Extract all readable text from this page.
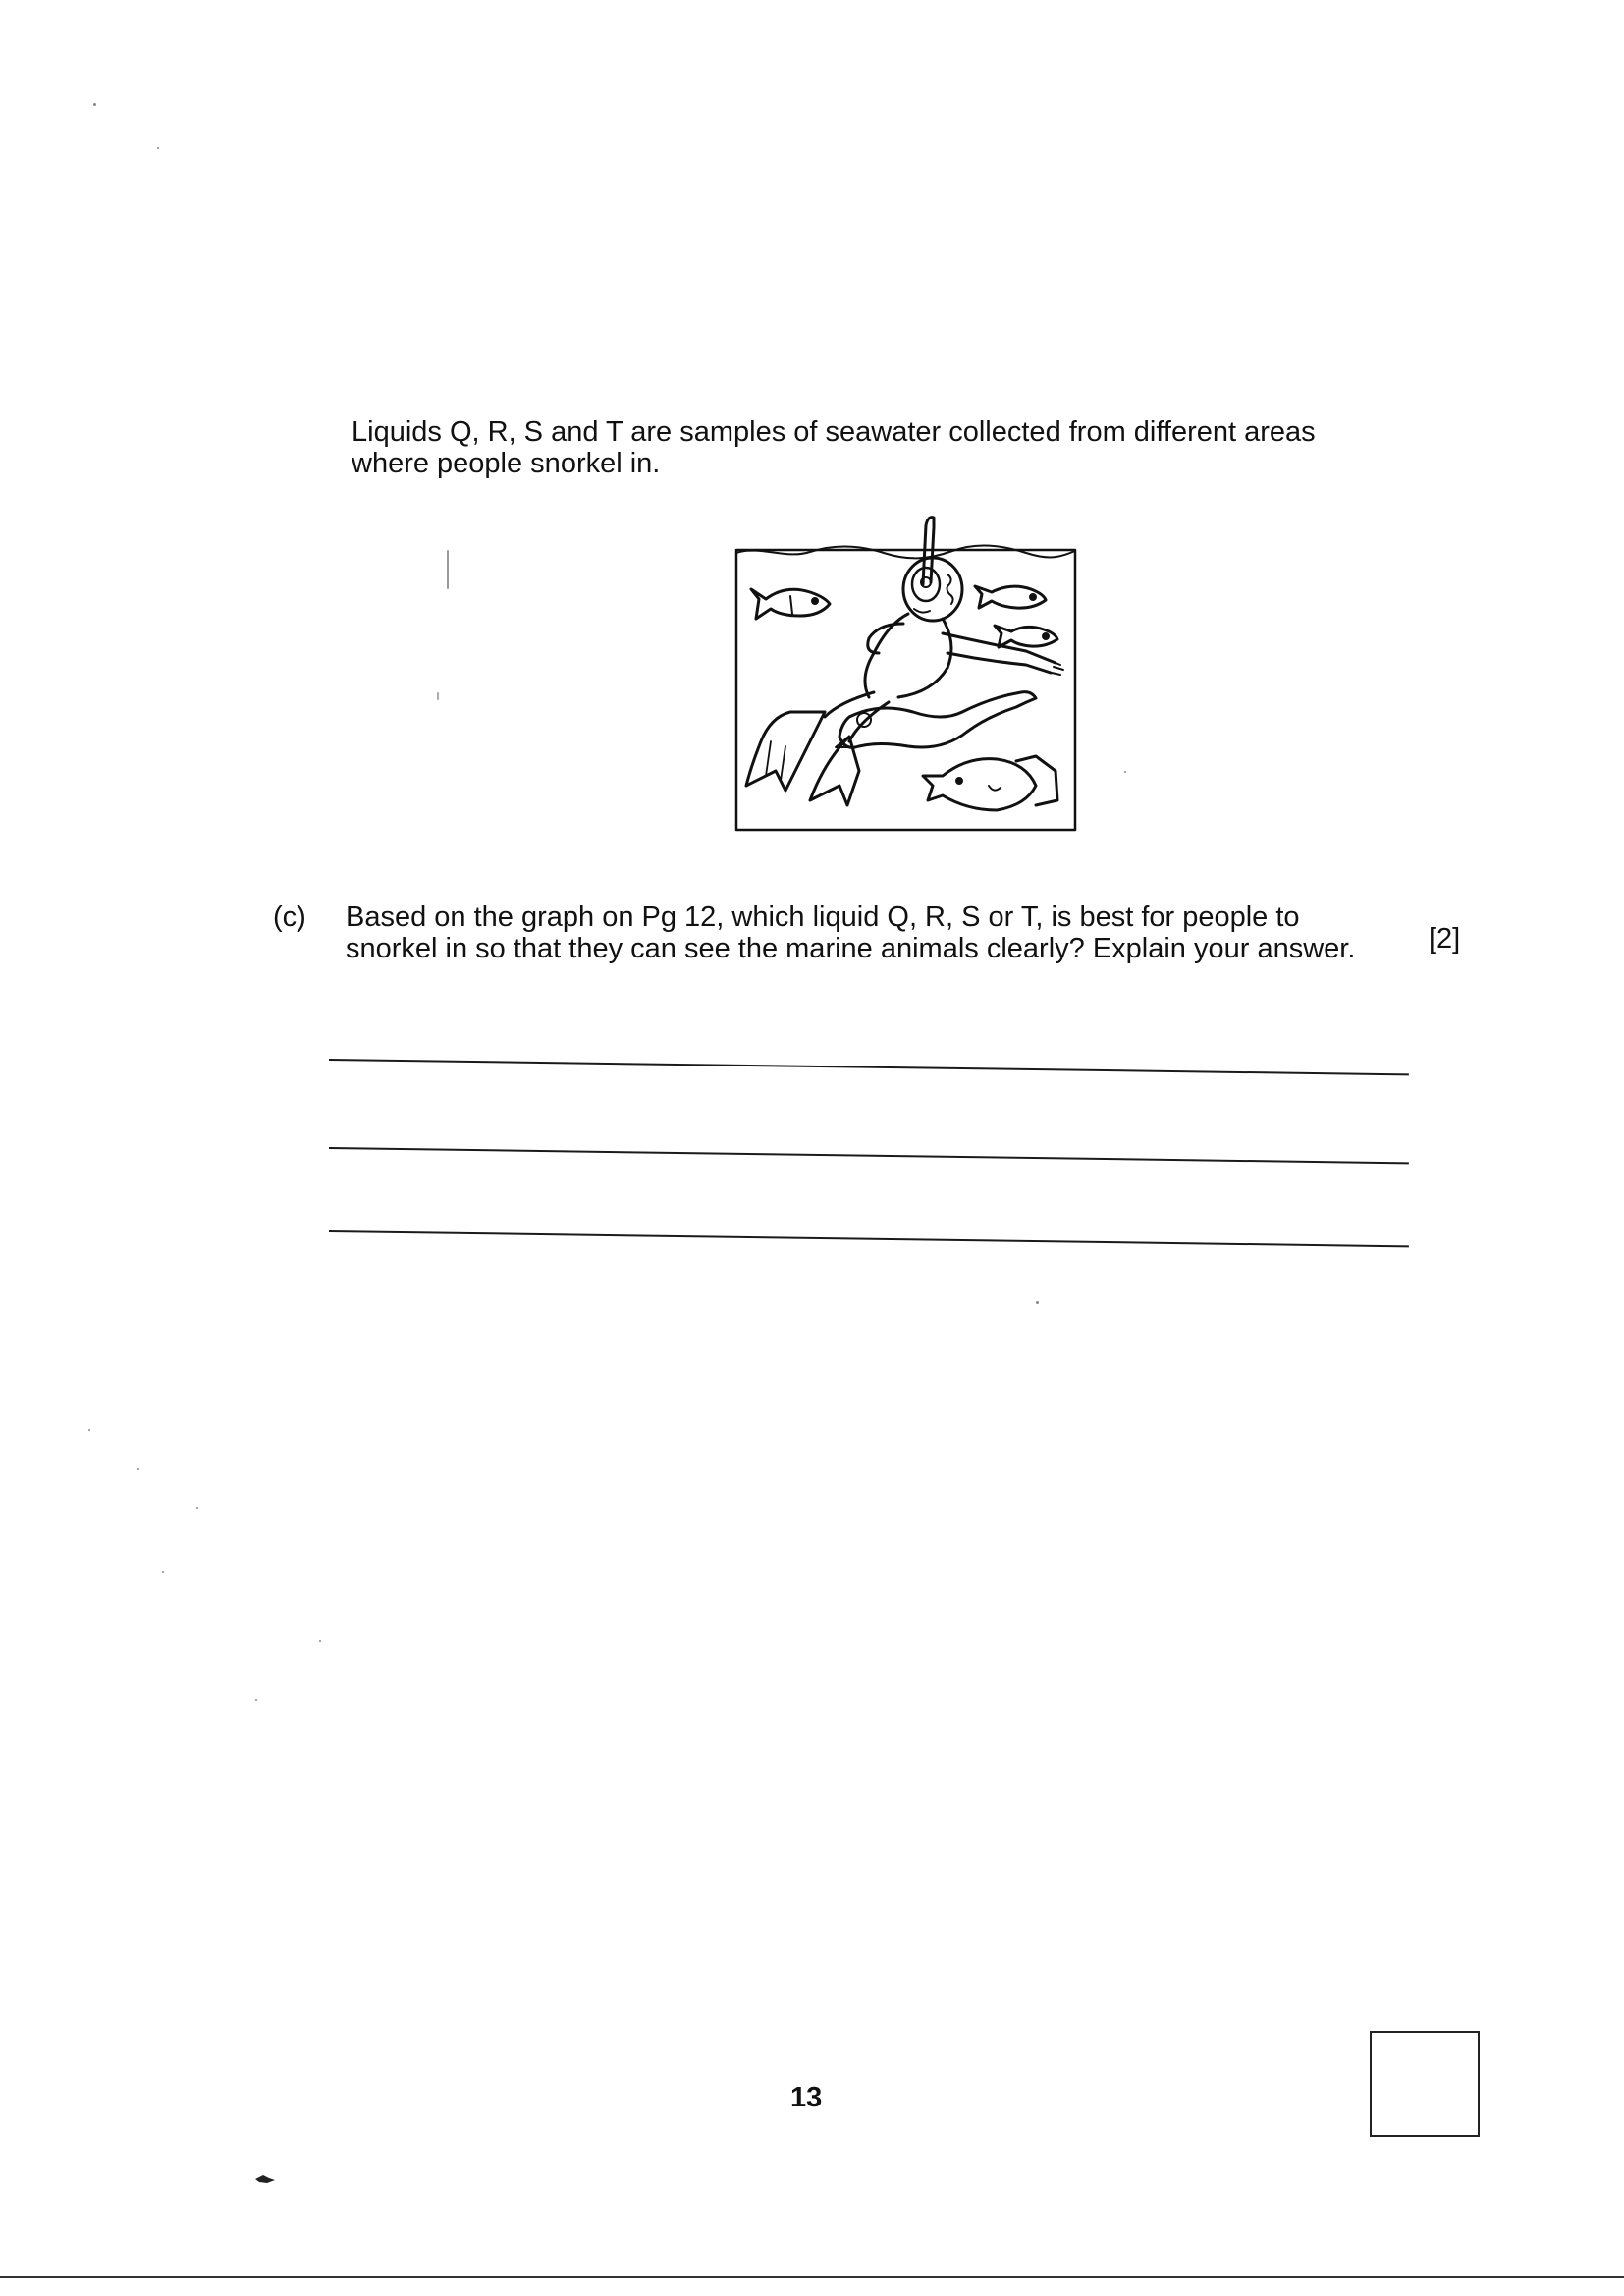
Liquids Q, R, S and T are samples of seawater collected from different areas

where people snorkel in.

(c) Based on the graph on Pg 12, which liquid Q, R, S or T, is best for people to

snorkel in so that they can see the marine animals clearly? Explain your answer.	[2]
13
